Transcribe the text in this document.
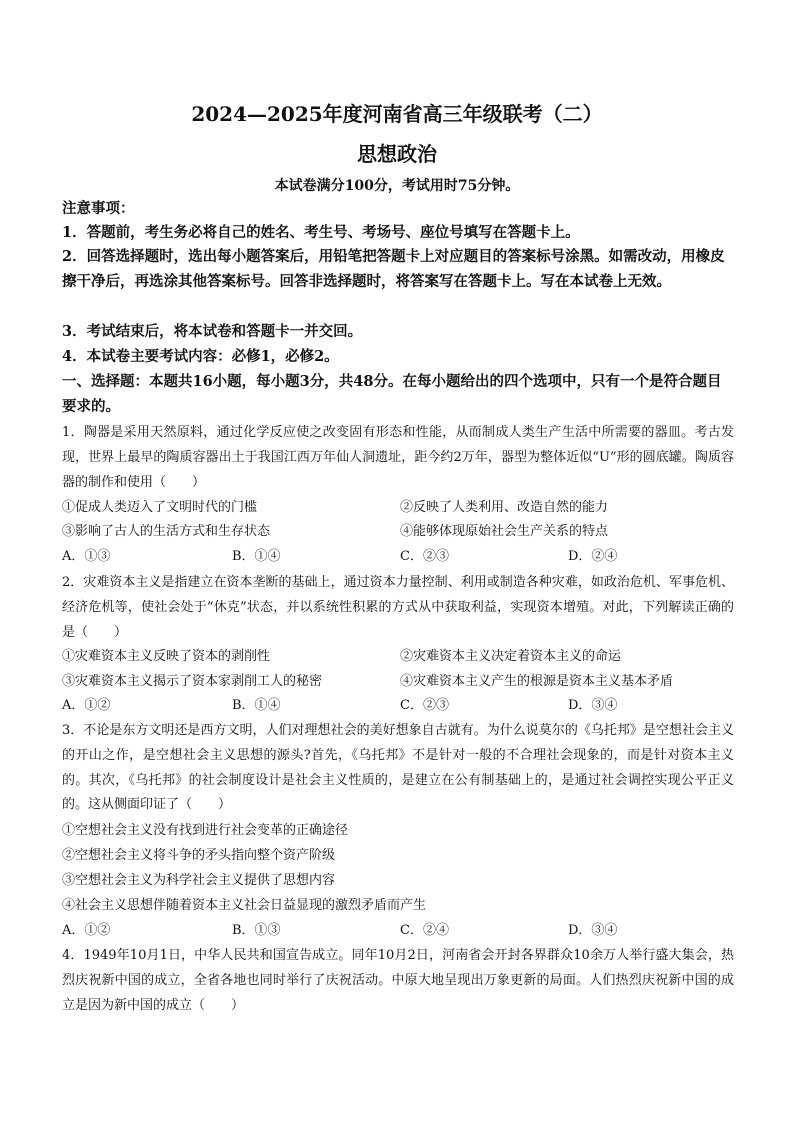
2024—2025年度河南省高三年级联考（二）
思想政治
本试卷满分100分，考试用时75分钟。
注意事项：
1．答题前，考生务必将自己的姓名、考生号、考场号、座位号填写在答题卡上。
2．回答选择题时，选出每小题答案后，用铅笔把答题卡上对应题目的答案标号涂黑。如需改动，用橡皮擦干净后，再选涂其他答案标号。回答非选择题时，将答案写在答题卡上。写在本试卷上无效。
3．考试结束后，将本试卷和答题卡一并交回。
4．本试卷主要考试内容：必修1，必修2。
一、选择题：本题共16小题，每小题3分，共48分。在每小题给出的四个选项中，只有一个是符合题目要求的。
1．陶器是采用天然原料，通过化学反应使之改变固有形态和性能，从而制成人类生产生活中所需要的器皿。考古发现，世界上最早的陶质容器出土于我国江西万年仙人洞遗址，距今约2万年，器型为整体近似“U”形的圆底罐。陶质容器的制作和使用（　　）
①促成人类迈入了文明时代的门槛	②反映了人类利用、改造自然的能力
③影响了古人的生活方式和生存状态	④能够体现原始社会生产关系的特点
A．①③	B．①④	C．②③	D．②④
2．灾难资本主义是指建立在资本垄断的基础上，通过资本力量控制、利用或制造各种灾难，如政治危机、军事危机、经济危机等，使社会处于“休克”状态，并以系统性积累的方式从中获取利益，实现资本增殖。对此，下列解读正确的是（　　）
①灾难资本主义反映了资本的剥削性	②灾难资本主义决定着资本主义的命运
③灾难资本主义揭示了资本家剥削工人的秘密	④灾难资本主义产生的根源是资本主义基本矛盾
A．①②	B．①④	C．②③	D．③④
3．不论是东方文明还是西方文明，人们对理想社会的美好想象自古就有。为什么说莫尔的《乌托邦》是空想社会主义的开山之作，是空想社会主义思想的源头?首先，《乌托邦》不是针对一般的不合理社会现象的，而是针对资本主义的。其次，《乌托邦》的社会制度设计是社会主义性质的，是建立在公有制基础上的，是通过社会调控实现公平正义的。这从侧面印证了（　　）
①空想社会主义没有找到进行社会变革的正确途径
②空想社会主义将斗争的矛头指向整个资产阶级
③空想社会主义为科学社会主义提供了思想内容
④社会主义思想伴随着资本主义社会日益显现的激烈矛盾而产生
A．①②	B．①③	C．②④	D．③④
4．1949年10月1日，中华人民共和国宣告成立。同年10月2日，河南省会开封各界群众10余万人举行盛大集会，热烈庆祝新中国的成立，全省各地也同时举行了庆祝活动。中原大地呈现出万象更新的局面。人们热烈庆祝新中国的成立是因为新中国的成立（　　）
